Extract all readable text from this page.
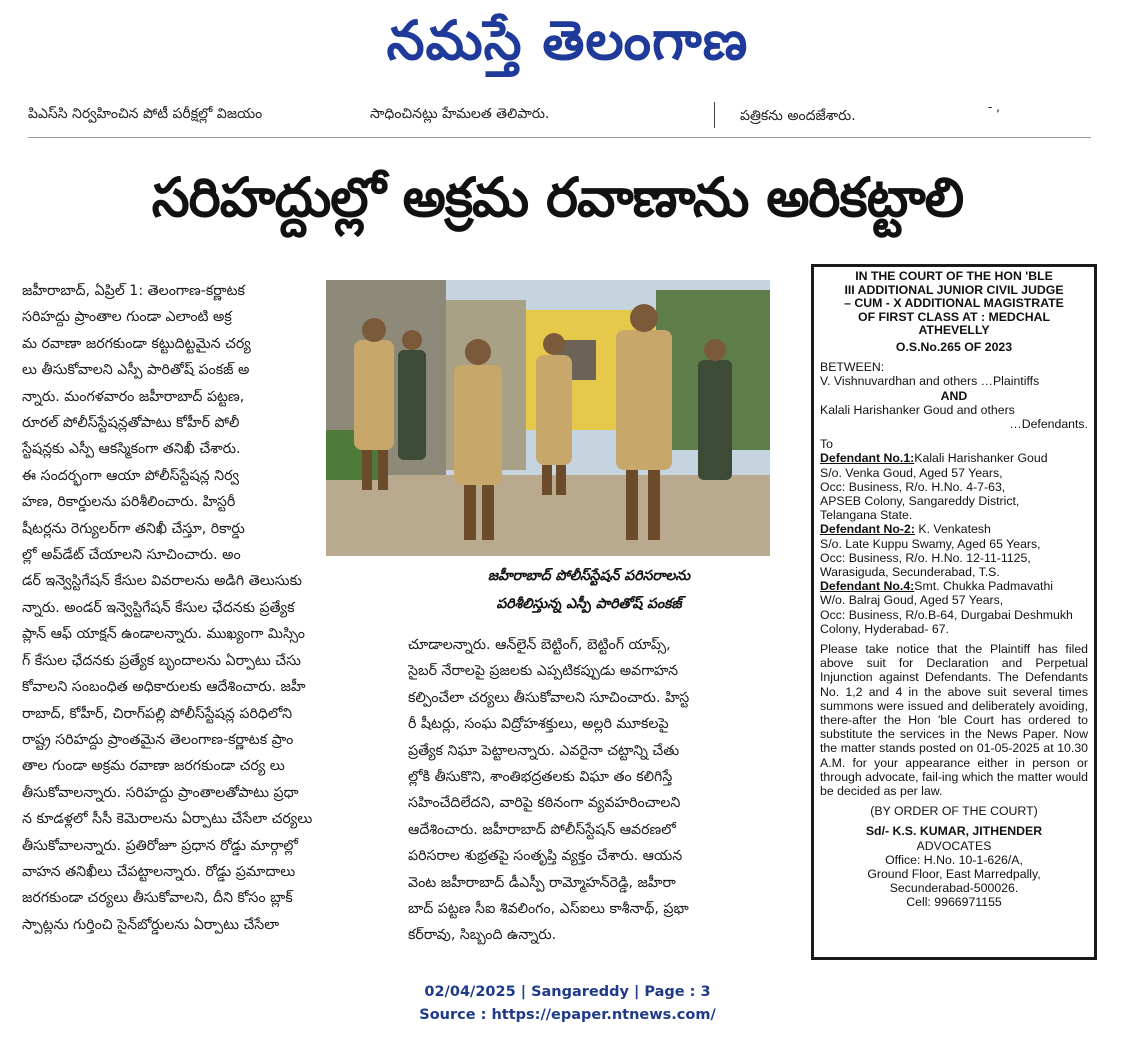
నమస్తే తెలంగాణ
పిఎస్‌సి నిర్వహించిన పోటీ పరీక్షల్లో విజయం	సాధించినట్లు హేమలత తెలిపారు.	పత్రికను అందజేశారు.
- ,
సరిహద్దుల్లో అక్రమ రవాణాను అరికట్టాలి
జహీరాబాద్, ఏప్రిల్ 1: తెలంగాణ-కర్ణాటక
సరిహద్దు ప్రాంతాల గుండా ఎలాంటి అక్ర
మ రవాణా జరగకుండా కట్టుదిట్టమైన చర్య
లు తీసుకోవాలని ఎస్పీ పారితోష్ పంకజ్ అ
న్నారు. మంగళవారం జహీరాబాద్ పట్టణ,
రూరల్ పోలీస్‌స్టేషన్లతోపాటు కోహీర్ పోలీ
స్టేషన్లకు ఎస్పీ ఆకస్మికంగా తనిఖీ చేశారు.
ఈ సందర్భంగా ఆయా పోలీస్‌స్టేషన్ల నిర్వ
హణ, రికార్డులను పరిశీలించారు. హిస్టరీ
షీటర్లను రెగ్యులర్‌గా తనిఖీ చేస్తూ, రికార్డు
ల్లో అప్‌డేట్ చేయాలని సూచించారు. అం
డర్ ఇన్వెస్టిగేషన్ కేసుల వివరాలను అడిగి తెలుసుకు
న్నారు. అండర్ ఇన్వెస్టిగేషన్ కేసుల ఛేదనకు ప్రత్యేక
ప్లాన్ ఆఫ్ యాక్షన్ ఉండాలన్నారు. ముఖ్యంగా మిస్సిం
గ్ కేసుల ఛేదనకు ప్రత్యేక బృందాలను ఏర్పాటు చేసు
కోవాలని సంబంధిత అధికారులకు ఆదేశించారు. జహీ
రాబాద్, కోహీర్, చిరాగ్‌పల్లి పోలీస్‌స్టేషన్ల పరిధిలోని
రాష్ట్ర సరిహద్దు ప్రాంతమైన తెలంగాణ-కర్ణాటక ప్రాం
తాల గుండా అక్రమ రవాణా జరగకుండా చర్య లు
తీసుకోవాలన్నారు. సరిహద్దు ప్రాంతాలతోపాటు ప్రధా
న కూడళ్లలో సీసీ కెమెరాలను ఏర్పాటు చేసేలా చర్యలు
తీసుకోవాలన్నారు. ప్రతిరోజూ ప్రధాన రోడ్డు మార్గాల్లో
వాహన తనిఖీలు చేపట్టాలన్నారు. రోడ్డు ప్రమాదాలు
జరగకుండా చర్యలు తీసుకోవాలని, దీని కోసం బ్లాక్
స్పాట్లను గుర్తించి సైన్‌బోర్డులను ఏర్పాటు చేసేలా
జహీరాబాద్ పోలీస్‌స్టేషన్ పరిసరాలను
పరిశీలిస్తున్న ఎస్పీ పారితోష్ పంకజ్
చూడాలన్నారు. ఆన్‌లైన్ బెట్టింగ్, బెట్టింగ్ యాప్స్,
సైబర్ నేరాలపై ప్రజలకు ఎప్పటికప్పుడు అవగాహన
కల్పించేలా చర్యలు తీసుకోవాలని సూచించారు. హిస్ట
రీ షీటర్లు, సంఘ విద్రోహశక్తులు, అల్లరి మూకలపై
ప్రత్యేక నిఘా పెట్టాలన్నారు. ఎవరైనా చట్టాన్ని చేతు
ల్లోకి తీసుకొని, శాంతిభద్రతలకు విఘా తం కలిగిస్తే
సహించేదిలేదని, వారిపై కఠినంగా వ్యవహరించాలని
ఆదేశించారు. జహీరాబాద్ పోలీస్‌స్టేషన్ ఆవరణలో
పరిసరాల శుభ్రతపై సంతృప్తి వ్యక్తం చేశారు. ఆయన
వెంట జహీరాబాద్ డీఎస్పీ రామ్మోహన్‌రెడ్డి, జహీరా
బాద్ పట్టణ సీఐ శివలింగం, ఎస్ఐలు కాశీనాథ్, ప్రభా
కర్‌రావు, సిబ్బంది ఉన్నారు.
IN THE COURT OF THE HON 'BLE
III ADDITIONAL JUNIOR CIVIL JUDGE
– CUM - X ADDITIONAL MAGISTRATE
OF FIRST CLASS AT : MEDCHAL
ATHEVELLY
O.S.No.265 OF 2023

BETWEEN:

V. Vishnuvardhan and others …Plaintiffs

AND

Kalali Harishanker Goud and others

…Defendants.

To

Defendant No.1:Kalali Harishanker Goud

S/o. Venka Goud, Aged 57 Years,

Occ: Business, R/o. H.No. 4-7-63,

APSEB Colony, Sangareddy District,

Telangana State.

Defendant No-2: K. Venkatesh

S/o. Late Kuppu Swamy, Aged 65 Years,

Occ: Business, R/o. H.No. 12-11-1125,

Warasiguda, Secunderabad, T.S.

Defendant No.4:Smt. Chukka Padmavathi

W/o. Balraj Goud, Aged 57 Years,

Occ: Business, R/o.B-64, Durgabai Deshmukh

Colony, Hyderabad- 67.

Please take notice that the Plaintiff has filed above suit for Declaration and Perpetual Injunction against Defendants. The Defendants No. 1,2 and 4 in the above suit several times summons were issued and deliberately avoiding, there-after the Hon 'ble Court has ordered to substitute the services in the News Paper. Now the matter stands posted on 01-05-2025 at 10.30 A.M. for your appearance either in person or through advocate, fail-ing which the matter would be decided as per law.

(BY ORDER OF THE COURT)

Sd/- K.S. KUMAR, JITHENDER

ADVOCATES

Office: H.No. 10-1-626/A,

Ground Floor, East Marredpally,

Secunderabad-500026.

Cell: 9966971155

02/04/2025 | Sangareddy | Page : 3
Source : https://epaper.ntnews.com/
